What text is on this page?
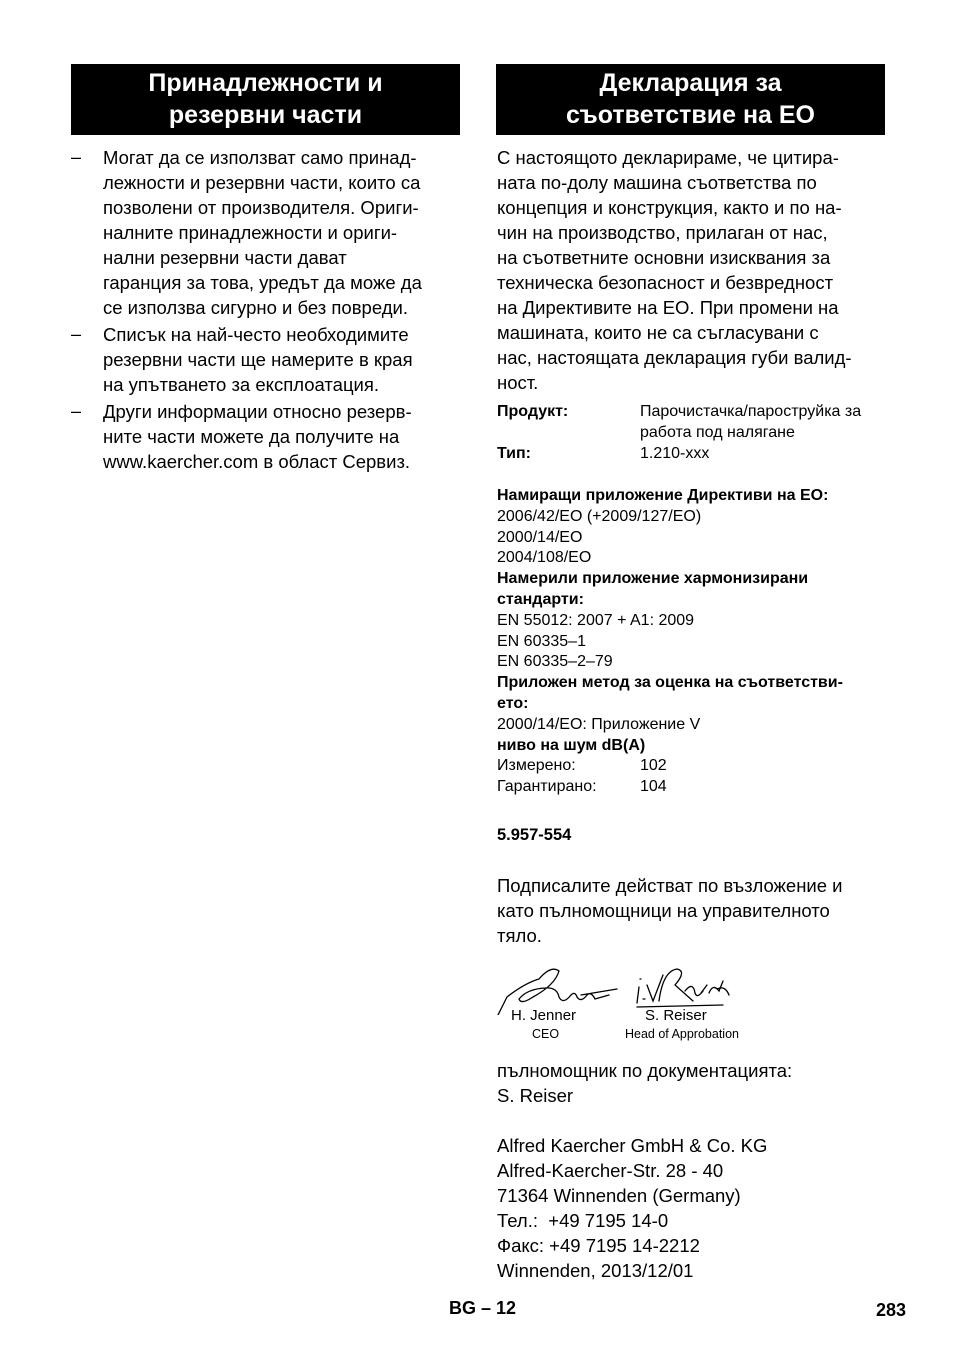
Принадлежности и
резервни части
– Могат да се използват само принад-
лежности и резервни части, които са
позволени от производителя. Ориги-
налните принадлежности и ориги-
нални резервни части дават
гаранция за това, уредът да може да
се използва сигурно и без повреди.
– Списък на най-често необходимите
резервни части ще намерите в края
на упътването за експлоатация.
– Други информации относно резерв-
ните части можете да получите на
www.kaercher.com в област Сервиз.
Декларация за
съответствие на ЕО
С настоящото декларираме, че цитира-
ната по-долу машина съответства по
концепция и конструкция, както и по на-
чин на производство, прилаган от нас,
на съответните основни изисквания за
техническа безопасност и безвредност
на Директивите на ЕО. При промени на
машината, които не са съгласувани с
нас, настоящата декларация губи валид-
ност.
Продукт:	Парочистачка/пароструйка за
работа под налягане
Тип:	1.210-xxx
Намиращи приложение Директиви на ЕО:
2006/42/EO (+2009/127/EO)
2000/14/EO
2004/108/EO
Намерили приложение хармонизирани
стандарти:
EN 55012: 2007 + A1: 2009
EN 60335–1
EN 60335–2–79
Приложен метод за оценка на съответстви-
ето:
2000/14/EO: Приложение V
ниво на шум dB(A)
Измерено:	102
Гарантирано:	104
5.957-554
Подписалите действат по възложение и
като пълномощници на управителното
тяло.
H. Jenner
CEO
S. Reiser
Head of Approbation
пълномощник по документацията:
S. Reiser
Alfred Kaercher GmbH & Co. KG
Alfred-Kaercher-Str. 28 - 40
71364 Winnenden (Germany)
Тел.:  +49 7195 14-0
Факс: +49 7195 14-2212
Winnenden, 2013/12/01
BG – 12	283
